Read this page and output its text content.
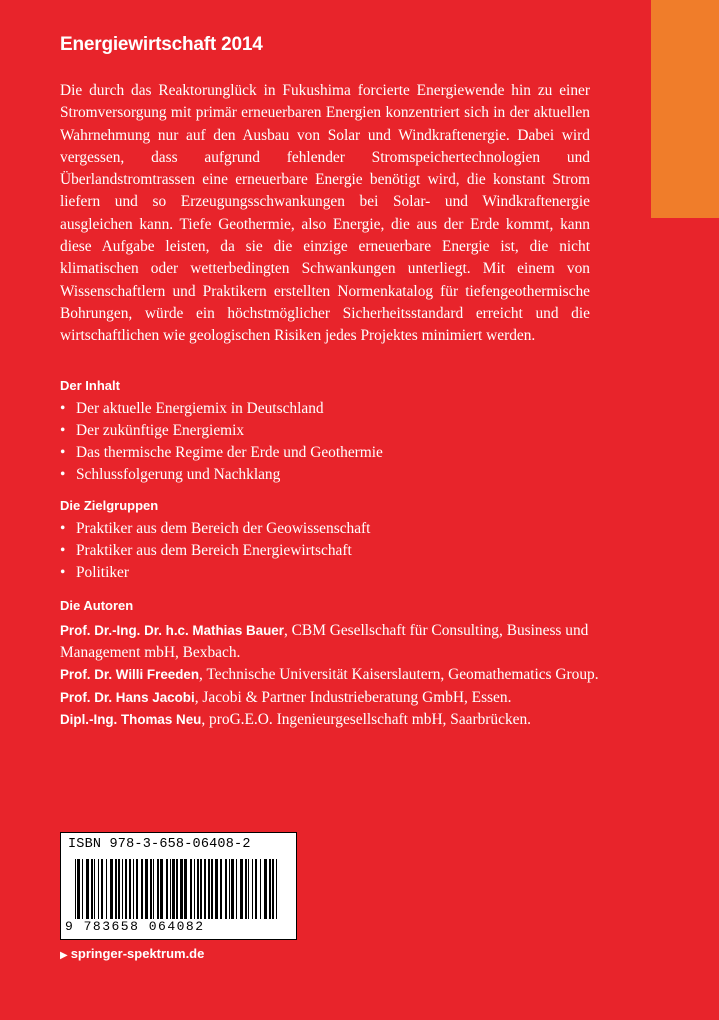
Energiewirtschaft 2014

Die durch das Reaktorunglück in Fukushima forcierte Energiewende hin zu einer Stromversorgung mit primär erneuerbaren Energien konzentriert sich in der aktuellen Wahrnehmung nur auf den Ausbau von Solar und Windkraftenergie. Dabei wird vergessen, dass aufgrund fehlender Stromspeichertechnologien und Überlandstromtrassen eine erneuerbare Energie benötigt wird, die konstant Strom liefern und so Erzeugungsschwankungen bei Solar- und Windkraftenergie ausgleichen kann. Tiefe Geothermie, also Energie, die aus der Erde kommt, kann diese Aufgabe leisten, da sie die einzige erneuerbare Energie ist, die nicht klimatischen oder wetterbedingten Schwankungen unterliegt. Mit einem von Wissenschaftlern und Praktikern erstellten Normenkatalog für tiefengeothermische Bohrungen, würde ein höchstmöglicher Sicherheitsstandard erreicht und die wirtschaftlichen wie geologischen Risiken jedes Projektes minimiert werden.

Der Inhalt
• Der aktuelle Energiemix in Deutschland
• Der zukünftige Energiemix
• Das thermische Regime der Erde und Geothermie
• Schlussfolgerung und Nachklang
Die Zielgruppen
• Praktiker aus dem Bereich der Geowissenschaft
• Praktiker aus dem Bereich Energiewirtschaft
• Politiker
Die Autoren
Prof. Dr.-Ing. Dr. h.c. Mathias Bauer, CBM Gesellschaft für Consulting, Business und Management mbH, Bexbach.
Prof. Dr. Willi Freeden, Technische Universität Kaiserslautern, Geomathematics Group.
Prof. Dr. Hans Jacobi, Jacobi & Partner Industrieberatung GmbH, Essen.
Dipl.-Ing. Thomas Neu, proG.E.O. Ingenieurgesellschaft mbH, Saarbrücken.
ISBN 978-3-658-06408-2
9 783658 064082
▶ springer-spektrum.de
